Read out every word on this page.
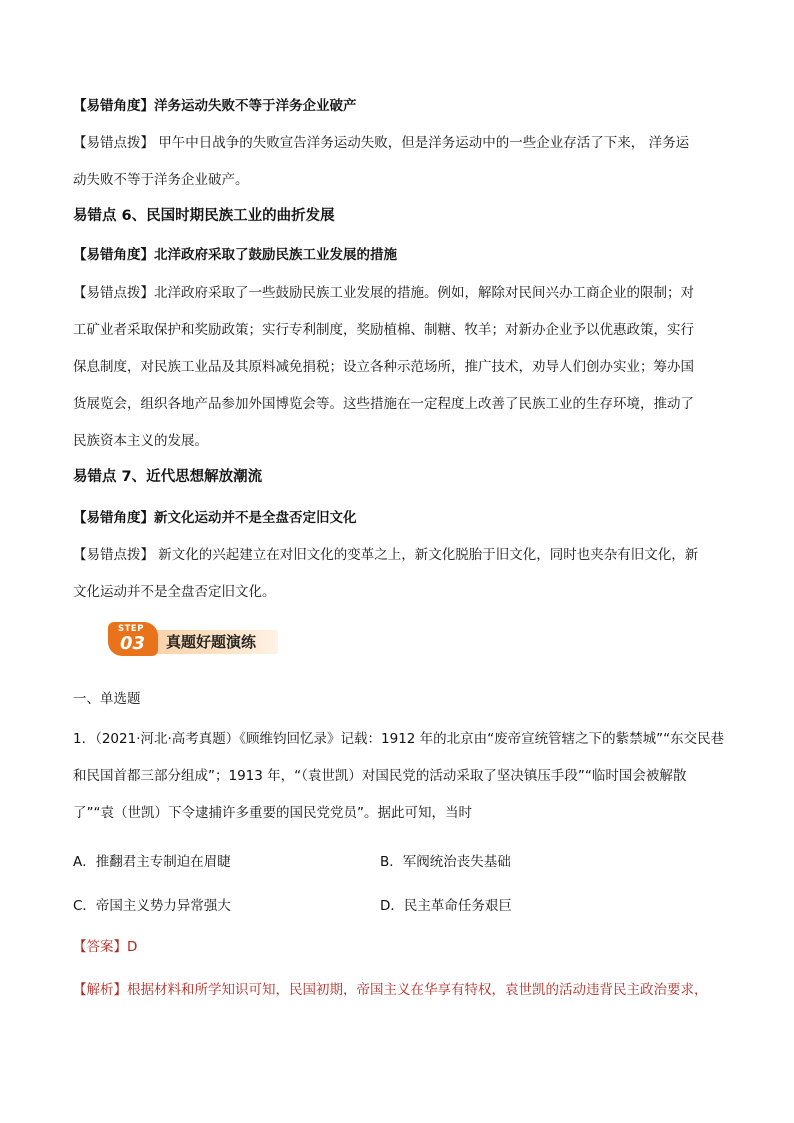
【易错角度】洋务运动失败不等于洋务企业破产
【易错点拨】 甲午中日战争的失败宣告洋务运动失败，但是洋务运动中的一些企业存活了下来， 洋务运
动失败不等于洋务企业破产。
易错点 6、民国时期民族工业的曲折发展
【易错角度】北洋政府采取了鼓励民族工业发展的措施
【易错点拨】北洋政府采取了一些鼓励民族工业发展的措施。例如，解除对民间兴办工商企业的限制；对
工矿业者采取保护和奖励政策；实行专利制度，奖励植棉、制糖、牧羊；对新办企业予以优惠政策，实行
保息制度，对民族工业品及其原料减免捐税；设立各种示范场所，推广技术，劝导人们创办实业；筹办国
货展览会，组织各地产品参加外国博览会等。这些措施在一定程度上改善了民族工业的生存环境，推动了
民族资本主义的发展。
易错点 7、近代思想解放潮流
【易错角度】新文化运动并不是全盘否定旧文化
【易错点拨】 新文化的兴起建立在对旧文化的变革之上，新文化脱胎于旧文化，同时也夹杂有旧文化，新
文化运动并不是全盘否定旧文化。
STEP
03 真题好题演练
一、单选题
1．（2021·河北·高考真题）《顾维钧回忆录》记载：1912 年的北京由“废帝宣统管辖之下的紫禁城”“东交民巷
和民国首都三部分组成”；1913 年，“（袁世凯）对国民党的活动采取了坚决镇压手段”“临时国会被解散
了”“袁（世凯）下令逮捕许多重要的国民党党员”。据此可知，当时
A．推翻君主专制迫在眉睫	B．军阀统治丧失基础
C．帝国主义势力异常强大	D．民主革命任务艰巨
【答案】D
【解析】根据材料和所学知识可知，民国初期，帝国主义在华享有特权，袁世凯的活动违背民主政治要求，
